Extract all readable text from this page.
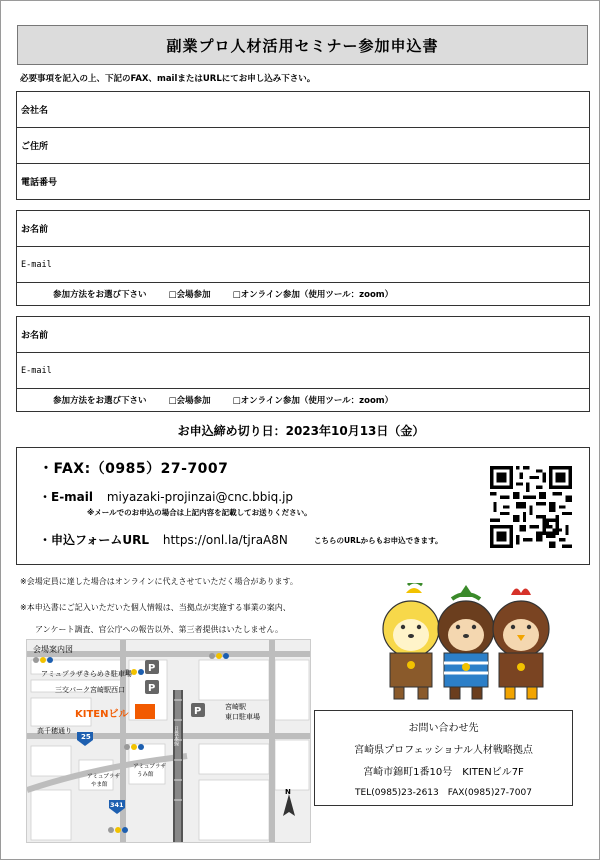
副業プロ人材活用セミナー参加申込書
必要事項を記入の上、下記のFAX、mailまたはURLにてお申し込み下さい。
会社名
ご住所
電話番号
お名前
E-mail
参加方法をお選び下さい	□会場参加	□オンライン参加（使用ツール：zoom）
お名前
E-mail
参加方法をお選び下さい	□会場参加	□オンライン参加（使用ツール：zoom）
お申込締め切り日：2023年10月13日（金）
・FAX:（0985）27-7007
・E-mail miyazaki-projinzai@cnc.bbiq.jp
※メールでのお申込の場合は上記内容を記載してお送りください。
・申込フォームURL https://onl.la/tjraA8N	こちらのURLからもお申込できます。
※会場定員に達した場合はオンラインに代えさせていただく場合があります。
※本申込書にご記入いただいた個人情報は、当拠点が実施する事業の案内、
アンケート調査、官公庁への報告以外、第三者提供はいたしません。
P
P
P
会場案内図
アミュプラザきらめき駐車場
三交パーク宮崎駅西口
KITENビル
宮崎駅
東口駐車場
高千穂通り
25
341
アミュプラザ
やま館
アミュプラザ
うみ館
日豊本線
N
お問い合わせ先
宮崎県プロフェッショナル人材戦略拠点
宮崎市錦町1番10号　KITENビル7F
TEL(0985)23-2613　FAX(0985)27-7007
